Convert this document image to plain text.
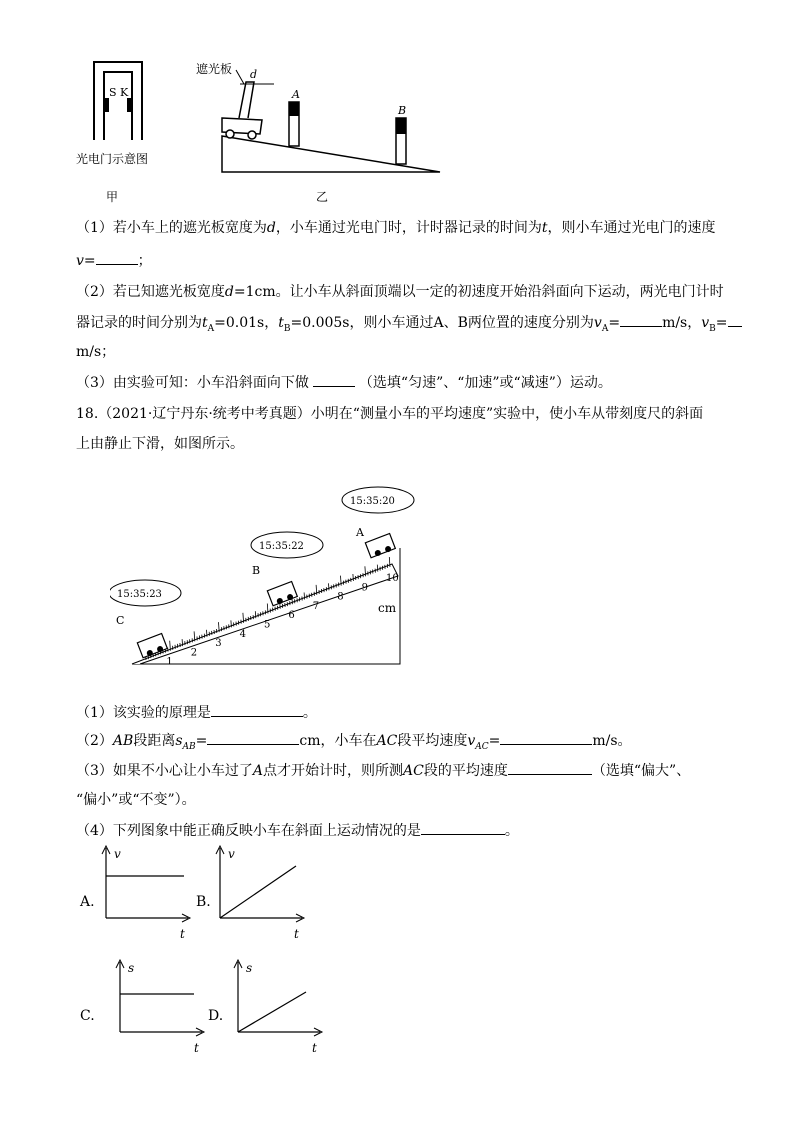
S K
d
A
B
遮光板
光电门示意图
甲	乙
（1）若小车上的遮光板宽度为d，小车通过光电门时，计时器记录的时间为t，则小车通过光电门的速度
v=	；
（2）若已知遮光板宽度d=1cm。让小车从斜面顶端以一定的初速度开始沿斜面向下运动，两光电门计时
器记录的时间分别为$t_A=0.01s$，$t_B=0.005s$，则小车通过A、B两位置的速度分别为$v_A=$	m/s，$v_B=$
m/s；
（3）由实验可知：小车沿斜面向下做	（选填“匀速”、“加速”或“减速”）运动。
18.（2021·辽宁丹东·统考中考真题）小明在“测量小车的平均速度”实验中，使小车从带刻度尺的斜面
上由静止下滑，如图所示。
1
2
3
4
5
6
7
8
9
10
cm
15:35:20
15:35:22
15:35:23
A
B
C
（1）该实验的原理是	。
（2）AB段距离$s_{AB}=$	cm，小车在AC段平均速度$v_{AC}=$	m/s。
（3）如果不小心让小车过了A点才开始计时，则所测AC段的平均速度	（选填“偏大”、
“偏小”或“不变”）。
（4）下列图象中能正确反映小车在斜面上运动情况的是	。
A.
v
t
B.
v
t
C.
s
t
D.
s
t
